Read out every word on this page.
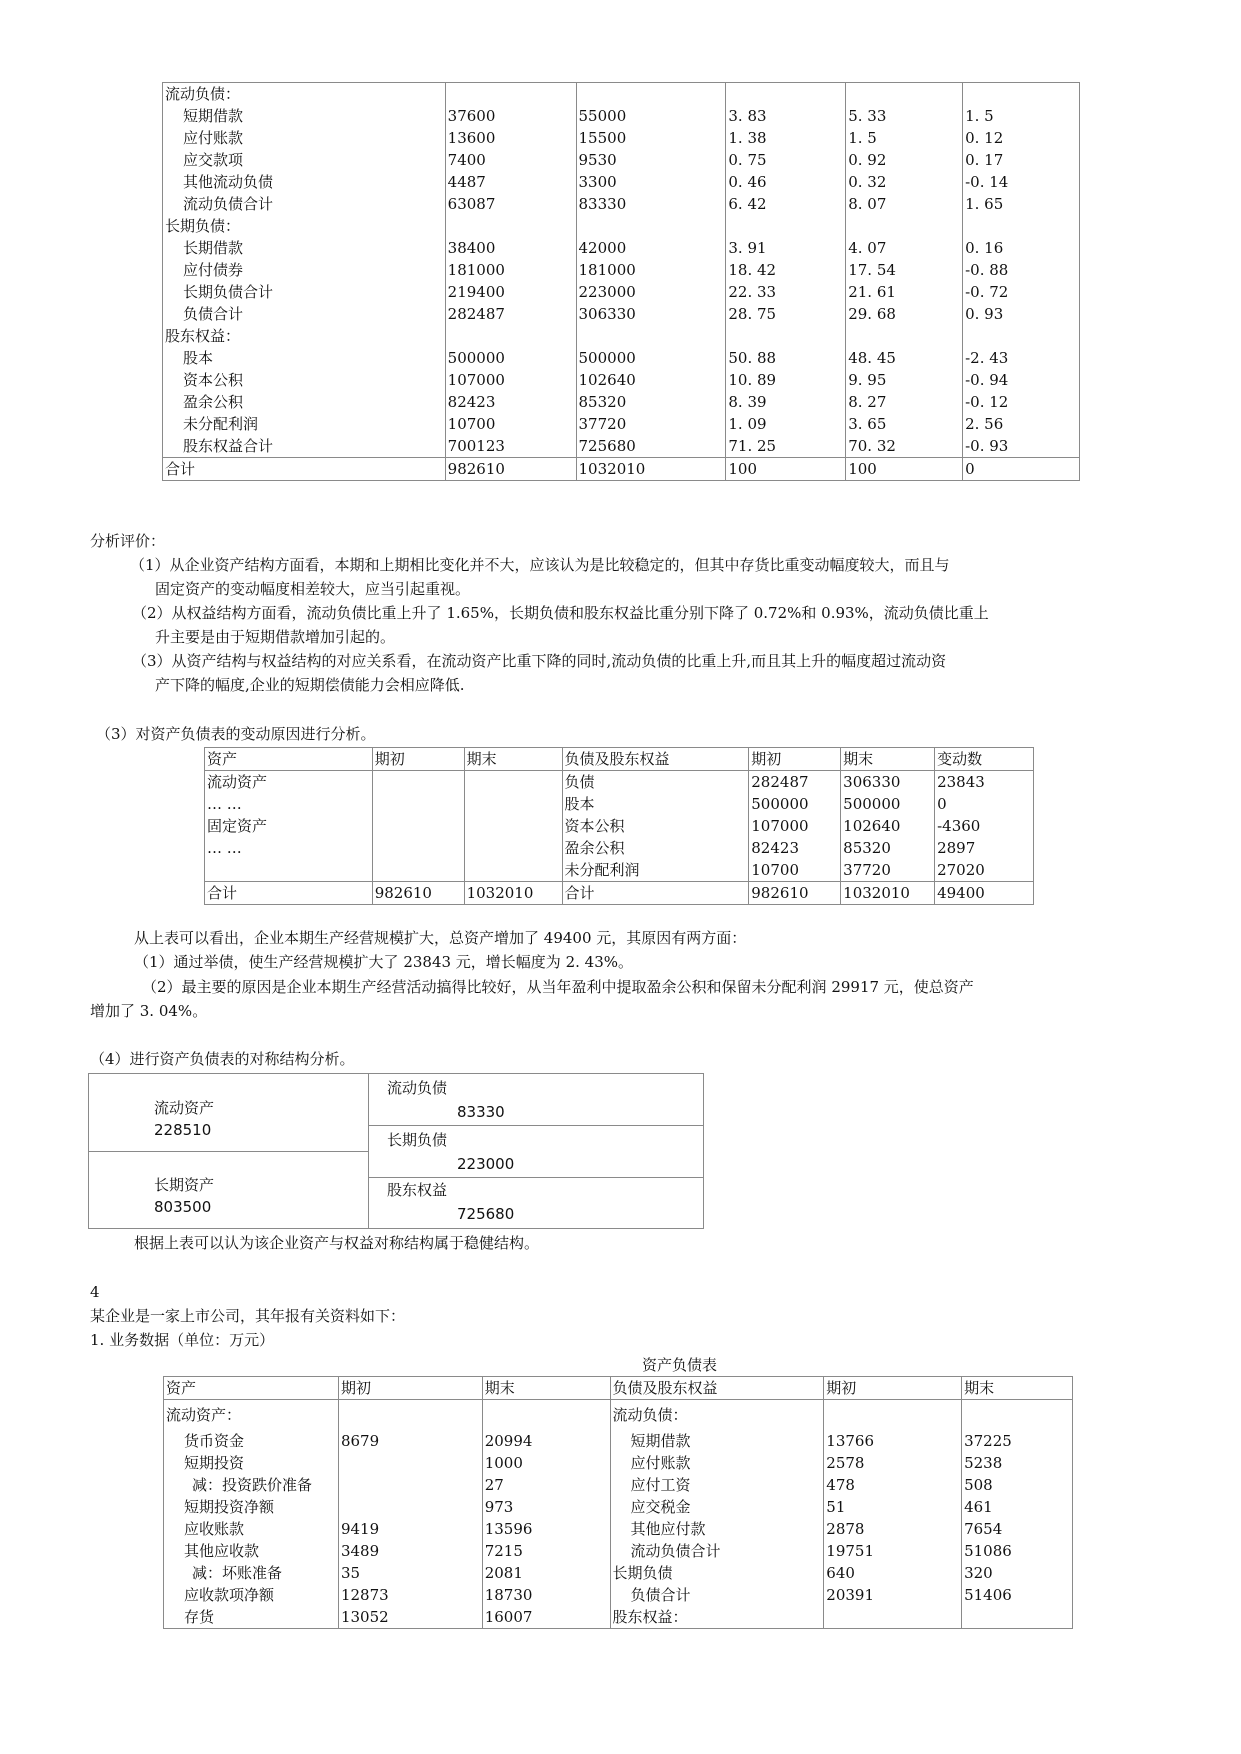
流动负债：					
短期借款	37600	55000	3. 83	5. 33	1. 5
应付账款	13600	15500	1. 38	1. 5	0. 12
应交款项	7400	9530	0. 75	0. 92	0. 17
其他流动负债	4487	3300	0. 46	0. 32	-0. 14
流动负债合计	63087	83330	6. 42	8. 07	1. 65
长期负债：					
长期借款	38400	42000	3. 91	4. 07	0. 16
应付债券	181000	181000	18. 42	17. 54	-0. 88
长期负债合计	219400	223000	22. 33	21. 61	-0. 72
负债合计	282487	306330	28. 75	29. 68	0. 93
股东权益：					
股本	500000	500000	50. 88	48. 45	-2. 43
资本公积	107000	102640	10. 89	9. 95	-0. 94
盈余公积	82423	85320	8. 39	8. 27	-0. 12
未分配利润	10700	37720	1. 09	3. 65	2. 56
股东权益合计	700123	725680	71. 25	70. 32	-0. 93
合计	982610	1032010	100	100	0

分析评价：

（1）从企业资产结构方面看，本期和上期相比变化并不大，应该认为是比较稳定的，但其中存货比重变动幅度较大，而且与

固定资产的变动幅度相差较大，应当引起重视。

（2）从权益结构方面看，流动负债比重上升了 1.65%，长期负债和股东权益比重分别下降了 0.72%和 0.93%，流动负债比重上

升主要是由于短期借款增加引起的。

（3）从资产结构与权益结构的对应关系看，在流动资产比重下降的同时,流动负债的比重上升,而且其上升的幅度超过流动资

产下降的幅度,企业的短期偿债能力会相应降低.

（3）对资产负债表的变动原因进行分析。

资产	期初	期末	负债及股东权益	期初	期末	变动数
流动资产			负债	282487	306330	23843
… …			股本	500000	500000	0
固定资产			资本公积	107000	102640	-4360
… …			盈余公积	82423	85320	2897
			未分配利润	10700	37720	27020
合计	982610	1032010	合计	982610	1032010	49400

从上表可以看出，企业本期生产经营规模扩大，总资产增加了 49400 元，其原因有两方面：

（1）通过举债，使生产经营规模扩大了 23843 元，增长幅度为 2. 43%。

（2）最主要的原因是企业本期生产经营活动搞得比较好，从当年盈利中提取盈余公积和保留未分配利润 29917 元，使总资产

增加了 3. 04%。

（4）进行资产负债表的对称结构分析。

流动资产
228510
长期资产
803500
流动负债
83330
长期负债
223000
股东权益
725680

根据上表可以认为该企业资产与权益对称结构属于稳健结构。

4

某企业是一家上市公司，其年报有关资料如下：

1. 业务数据（单位：万元）

资产负债表

资产	期初	期末	负债及股东权益	期初	期末
流动资产：			流动负债：		
货币资金	8679	20994	短期借款	13766	37225
短期投资		1000	应付账款	2578	5238
减：投资跌价准备		27	应付工资	478	508
短期投资净额		973	应交税金	51	461
应收账款	9419	13596	其他应付款	2878	7654
其他应收款	3489	7215	流动负债合计	19751	51086
减：坏账准备	35	2081	长期负债	640	320
应收款项净额	12873	18730	负债合计	20391	51406
存货	13052	16007	股东权益：		
